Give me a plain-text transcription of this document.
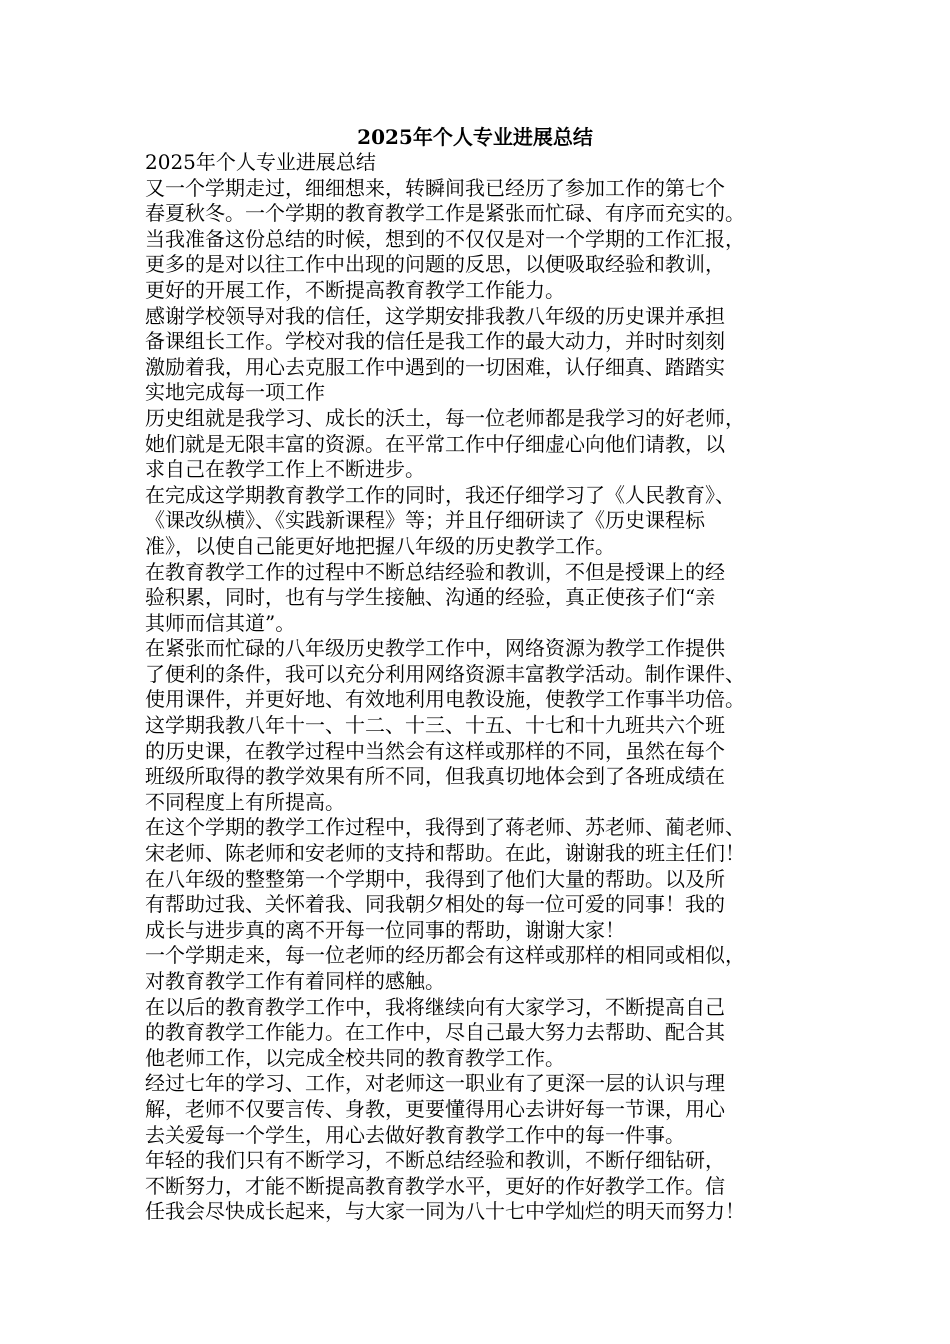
2025年个人专业进展总结
2025年个人专业进展总结
又一个学期走过，细细想来，转瞬间我已经历了参加工作的第七个
春夏秋冬。一个学期的教育教学工作是紧张而忙碌、有序而充实的。
当我准备这份总结的时候，想到的不仅仅是对一个学期的工作汇报，
更多的是对以往工作中出现的问题的反思，以便吸取经验和教训，
更好的开展工作，不断提高教育教学工作能力。
感谢学校领导对我的信任，这学期安排我教八年级的历史课并承担
备课组长工作。学校对我的信任是我工作的最大动力，并时时刻刻
激励着我，用心去克服工作中遇到的一切困难，认仔细真、踏踏实
实地完成每一项工作
历史组就是我学习、成长的沃土，每一位老师都是我学习的好老师，
她们就是无限丰富的资源。在平常工作中仔细虚心向他们请教，以
求自己在教学工作上不断进步。
在完成这学期教育教学工作的同时，我还仔细学习了《人民教育》、
《课改纵横》、《实践新课程》等；并且仔细研读了《历史课程标
准》，以使自己能更好地把握八年级的历史教学工作。
在教育教学工作的过程中不断总结经验和教训，不但是授课上的经
验积累，同时，也有与学生接触、沟通的经验，真正使孩子们“亲
其师而信其道”。
在紧张而忙碌的八年级历史教学工作中，网络资源为教学工作提供
了便利的条件，我可以充分利用网络资源丰富教学活动。制作课件、
使用课件，并更好地、有效地利用电教设施，使教学工作事半功倍。
这学期我教八年十一、十二、十三、十五、十七和十九班共六个班
的历史课，在教学过程中当然会有这样或那样的不同，虽然在每个
班级所取得的教学效果有所不同，但我真切地体会到了各班成绩在
不同程度上有所提高。
在这个学期的教学工作过程中，我得到了蒋老师、苏老师、蔺老师、
宋老师、陈老师和安老师的支持和帮助。在此，谢谢我的班主任们！
在八年级的整整第一个学期中，我得到了他们大量的帮助。以及所
有帮助过我、关怀着我、同我朝夕相处的每一位可爱的同事！我的
成长与进步真的离不开每一位同事的帮助，谢谢大家！
一个学期走来，每一位老师的经历都会有这样或那样的相同或相似，
对教育教学工作有着同样的感触。
在以后的教育教学工作中，我将继续向有大家学习，不断提高自己
的教育教学工作能力。在工作中，尽自己最大努力去帮助、配合其
他老师工作，以完成全校共同的教育教学工作。
经过七年的学习、工作，对老师这一职业有了更深一层的认识与理
解，老师不仅要言传、身教，更要懂得用心去讲好每一节课，用心
去关爱每一个学生，用心去做好教育教学工作中的每一件事。
年轻的我们只有不断学习，不断总结经验和教训，不断仔细钻研，
不断努力，才能不断提高教育教学水平，更好的作好教学工作。信
任我会尽快成长起来，与大家一同为八十七中学灿烂的明天而努力！
